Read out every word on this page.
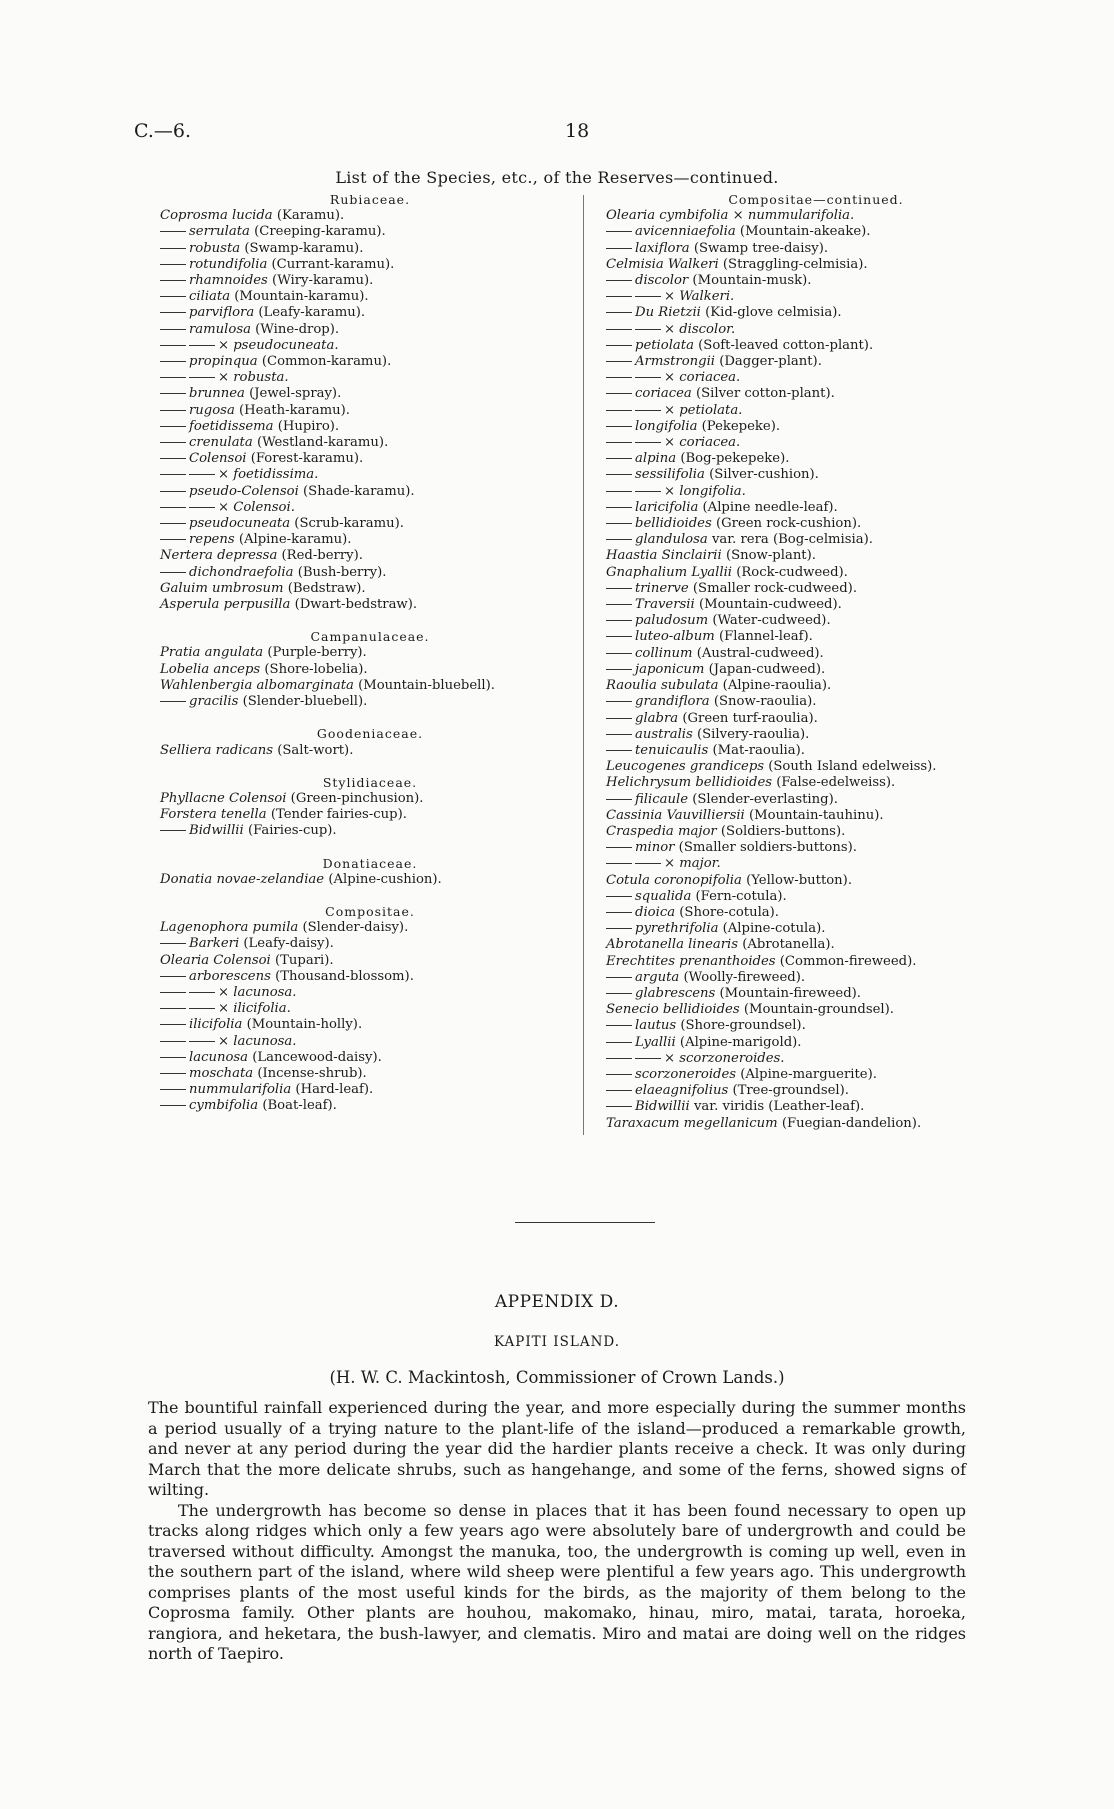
C.—6.	18
List of the Species, etc., of the Reserves—continued.
Rubiaceae.
Coprosma lucida (Karamu).
serrulata (Creeping-karamu).
robusta (Swamp-karamu).
rotundifolia (Currant-karamu).
rhamnoides (Wiry-karamu).
ciliata (Mountain-karamu).
parviflora (Leafy-karamu).
ramulosa (Wine-drop).
× pseudocuneata.
propinqua (Common-karamu).
× robusta.
brunnea (Jewel-spray).
rugosa (Heath-karamu).
foetidissema (Hupiro).
crenulata (Westland-karamu).
Colensoi (Forest-karamu).
× foetidissima.
pseudo-Colensoi (Shade-karamu).
× Colensoi.
pseudocuneata (Scrub-karamu).
repens (Alpine-karamu).
Nertera depressa (Red-berry).
dichondraefolia (Bush-berry).
Galuim umbrosum (Bedstraw).
Asperula perpusilla (Dwart-bedstraw).
Campanulaceae.
Pratia angulata (Purple-berry).
Lobelia anceps (Shore-lobelia).
Wahlenbergia albomarginata (Mountain-bluebell).
gracilis (Slender-bluebell).
Goodeniaceae.
Selliera radicans (Salt-wort).
Stylidiaceae.
Phyllacne Colensoi (Green-pinchusion).
Forstera tenella (Tender fairies-cup).
Bidwillii (Fairies-cup).
Donatiaceae.
Donatia novae-zelandiae (Alpine-cushion).
Compositae.
Lagenophora pumila (Slender-daisy).
Barkeri (Leafy-daisy).
Olearia Colensoi (Tupari).
arborescens (Thousand-blossom).
× lacunosa.
× ilicifolia.
ilicifolia (Mountain-holly).
× lacunosa.
lacunosa (Lancewood-daisy).
moschata (Incense-shrub).
nummularifolia (Hard-leaf).
cymbifolia (Boat-leaf).
Compositae—continued.
Olearia cymbifolia × nummularifolia.
avicenniaefolia (Mountain-akeake).
laxiflora (Swamp tree-daisy).
Celmisia Walkeri (Straggling-celmisia).
discolor (Mountain-musk).
× Walkeri.
Du Rietzii (Kid-glove celmisia).
× discolor.
petiolata (Soft-leaved cotton-plant).
Armstrongii (Dagger-plant).
× coriacea.
coriacea (Silver cotton-plant).
× petiolata.
longifolia (Pekepeke).
× coriacea.
alpina (Bog-pekepeke).
sessilifolia (Silver-cushion).
× longifolia.
laricifolia (Alpine needle-leaf).
bellidioides (Green rock-cushion).
glandulosa var. rera (Bog-celmisia).
Haastia Sinclairii (Snow-plant).
Gnaphalium Lyallii (Rock-cudweed).
trinerve (Smaller rock-cudweed).
Traversii (Mountain-cudweed).
paludosum (Water-cudweed).
luteo-album (Flannel-leaf).
collinum (Austral-cudweed).
japonicum (Japan-cudweed).
Raoulia subulata (Alpine-raoulia).
grandiflora (Snow-raoulia).
glabra (Green turf-raoulia).
australis (Silvery-raoulia).
tenuicaulis (Mat-raoulia).
Leucogenes grandiceps (South Island edelweiss).
Helichrysum bellidioides (False-edelweiss).
filicaule (Slender-everlasting).
Cassinia Vauvilliersii (Mountain-tauhinu).
Craspedia major (Soldiers-buttons).
minor (Smaller soldiers-buttons).
× major.
Cotula coronopifolia (Yellow-button).
squalida (Fern-cotula).
dioica (Shore-cotula).
pyrethrifolia (Alpine-cotula).
Abrotanella linearis (Abrotanella).
Erechtites prenanthoides (Common-fireweed).
arguta (Woolly-fireweed).
glabrescens (Mountain-fireweed).
Senecio bellidioides (Mountain-groundsel).
lautus (Shore-groundsel).
Lyallii (Alpine-marigold).
× scorzoneroides.
scorzoneroides (Alpine-marguerite).
elaeagnifolius (Tree-groundsel).
Bidwillii var. viridis (Leather-leaf).
Taraxacum megellanicum (Fuegian-dandelion).
APPENDIX D.
KAPITI ISLAND.
(H. W. C. Mackintosh, Commissioner of Crown Lands.)

The bountiful rainfall experienced during the year, and more especially during the summer months a period usually of a trying nature to the plant-life of the island—produced a remarkable growth, and never at any period during the year did the hardier plants receive a check. It was only during March that the more delicate shrubs, such as hangehange, and some of the ferns, showed signs of wilting.

The undergrowth has become so dense in places that it has been found necessary to open up tracks along ridges which only a few years ago were absolutely bare of undergrowth and could be traversed without difficulty. Amongst the manuka, too, the undergrowth is coming up well, even in the southern part of the island, where wild sheep were plentiful a few years ago. This undergrowth comprises plants of the most useful kinds for the birds, as the majority of them belong to the Coprosma family. Other plants are houhou, makomako, hinau, miro, matai, tarata, horoeka, rangiora, and heketara, the bush-lawyer, and clematis. Miro and matai are doing well on the ridges north of Taepiro.
